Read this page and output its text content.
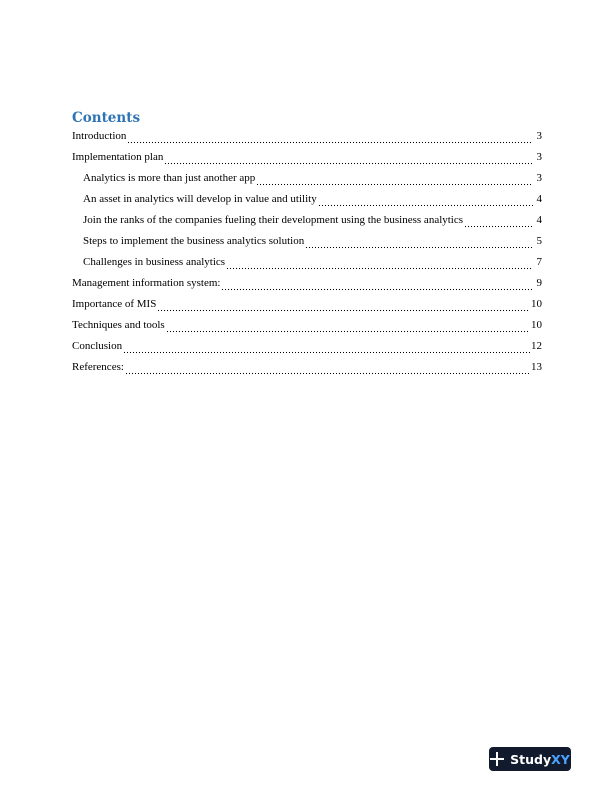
Contents
Introduction	3
Implementation plan	3
Analytics is more than just another app	3
An asset in analytics will develop in value and utility	4
Join the ranks of the companies fueling their development using the business analytics	4
Steps to implement the business analytics solution	5
Challenges in business analytics	7
Management information system:	9
Importance of MIS	10
Techniques and tools	10
Conclusion	12
References:	13
Study XY
